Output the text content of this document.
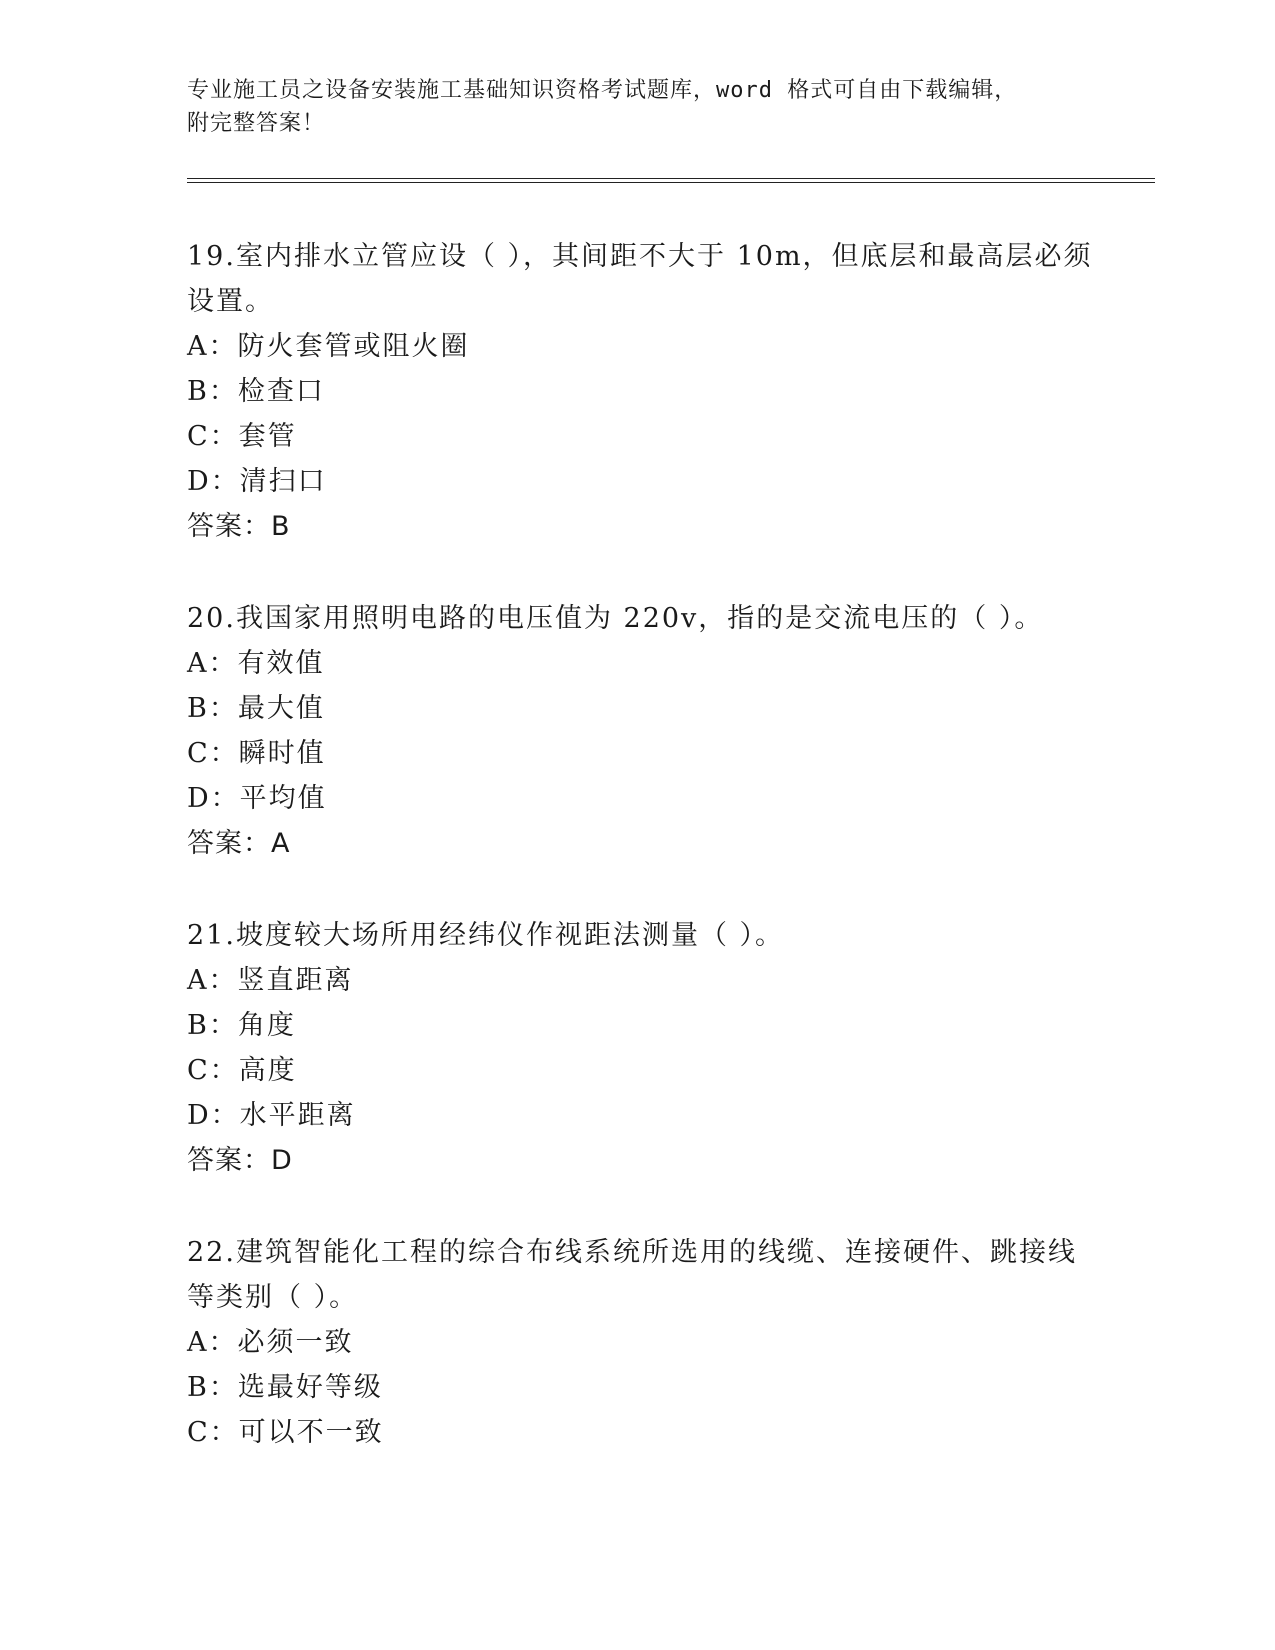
专业施工员之设备安装施工基础知识资格考试题库，word 格式可自由下载编辑，
附完整答案！
19.室内排水立管应设（ ），其间距不大于 10m，但底层和最高层必须
设置。
A：防火套管或阻火圈
B：检查口
C：套管
D：清扫口
答案：B
20.我国家用照明电路的电压值为 220v，指的是交流电压的（ ）。
A：有效值
B：最大值
C：瞬时值
D：平均值
答案：A
21.坡度较大场所用经纬仪作视距法测量（ ）。
A：竖直距离
B：角度
C：高度
D：水平距离
答案：D
22.建筑智能化工程的综合布线系统所选用的线缆、连接硬件、跳接线
等类别（ ）。
A：必须一致
B：选最好等级
C：可以不一致
